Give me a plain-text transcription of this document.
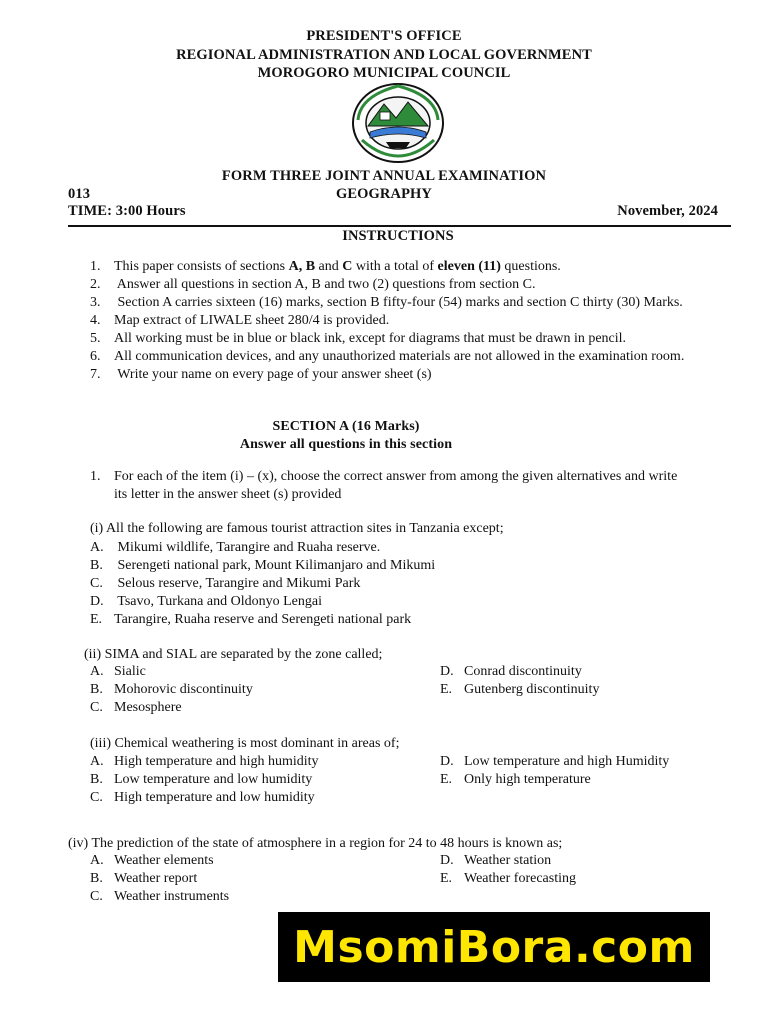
PRESIDENT'S OFFICE
REGIONAL ADMINISTRATION AND LOCAL GOVERNMENT
MOROGORO MUNICIPAL COUNCIL
FORM THREE JOINT ANNUAL EXAMINATION
013	GEOGRAPHY
TIME: 3:00 Hours	November, 2024
INSTRUCTIONS
1. This paper consists of sections A, B and C with a total of eleven (11) questions.
2. Answer all questions in section A, B and two (2) questions from section C.
3. Section A carries sixteen (16) marks, section B fifty-four (54) marks and section C thirty (30) Marks.
4. Map extract of LIWALE sheet 280/4 is provided.
5. All working must be in blue or black ink, except for diagrams that must be drawn in pencil.
6. All communication devices, and any unauthorized materials are not allowed in the examination room.
7. Write your name on every page of your answer sheet (s)
SECTION A (16 Marks)
Answer all questions in this section
1. For each of the item (i) – (x), choose the correct answer from among the given alternatives and write
its letter in the answer sheet (s) provided
(i) All the following are famous tourist attraction sites in Tanzania except;
A. Mikumi wildlife, Tarangire and Ruaha reserve.
B. Serengeti national park, Mount Kilimanjaro and Mikumi
C. Selous reserve, Tarangire and Mikumi Park
D. Tsavo, Turkana and Oldonyo Lengai
E. Tarangire, Ruaha reserve and Serengeti national park
(ii) SIMA and SIAL are separated by the zone called;
A. Sialic
B. Mohorovic discontinuity
C. Mesosphere
D. Conrad discontinuity
E. Gutenberg discontinuity
(iii) Chemical weathering is most dominant in areas of;
A. High temperature and high humidity
B. Low temperature and low humidity
C. High temperature and low humidity
D. Low temperature and high Humidity
E. Only high temperature
(iv) The prediction of the state of atmosphere in a region for 24 to 48 hours is known as;
A. Weather elements
B. Weather report
C. Weather instruments
D. Weather station
E. Weather forecasting
MsomiBora.com
